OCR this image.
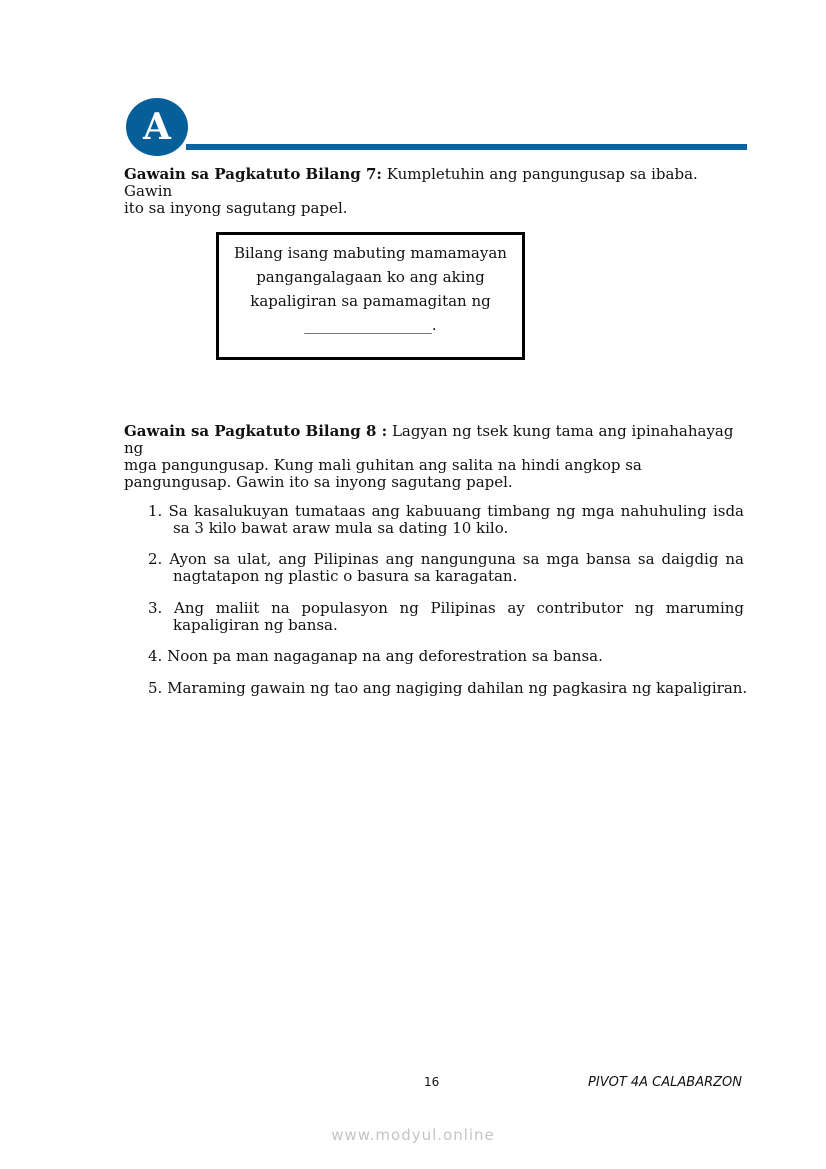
A
Gawain sa Pagkatuto Bilang 7: Kumpletuhin ang pangungusap sa ibaba. Gawin
ito sa inyong sagutang papel.
Bilang isang mabuting mamamayan
pangangalagaan ko ang aking
kapaligiran sa pamamagitan ng
_________________.
Gawain sa Pagkatuto Bilang 8 : Lagyan ng tsek kung tama ang ipinahahayag ng
mga pangungusap. Kung mali guhitan ang salita na hindi angkop sa
pangungusap. Gawin ito sa inyong sagutang papel.
1. Sa kasalukuyan tumataas ang kabuuang timbang ng mga nahuhuling isda
sa 3 kilo bawat araw mula sa dating 10 kilo.
2. Ayon sa ulat, ang Pilipinas ang nangunguna sa mga bansa sa daigdig na
nagtatapon ng plastic o basura sa karagatan.
3. Ang maliit na populasyon ng Pilipinas ay contributor ng maruming
kapaligiran ng bansa.
4. Noon pa man nagaganap na ang deforestration sa bansa.
5. Maraming gawain ng tao ang nagiging dahilan ng pagkasira ng kapaligiran.
16	PIVOT 4A CALABARZON
www.modyul.online
